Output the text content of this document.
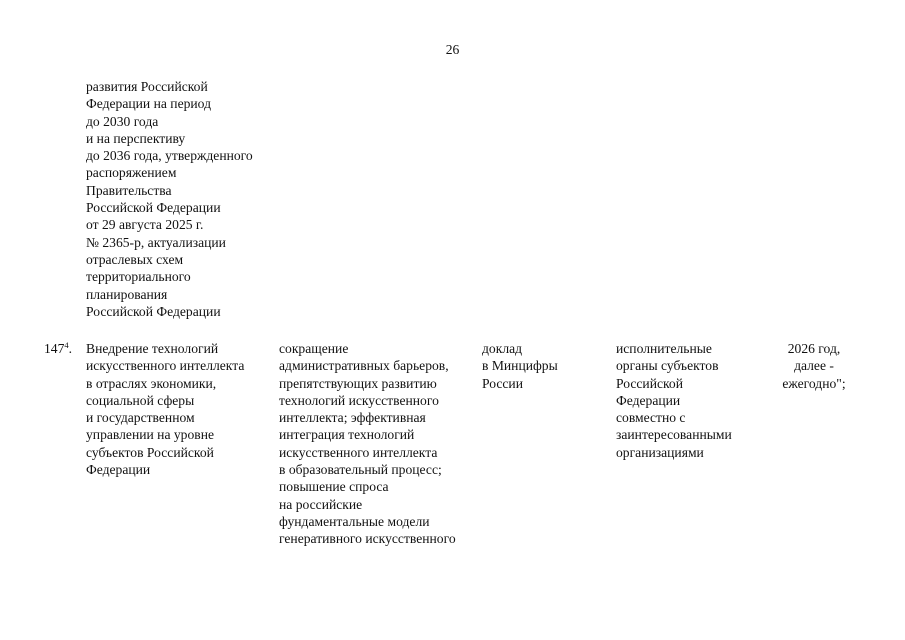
26
развития Российской
Федерации на период
до 2030 года
и на перспективу
до 2036 года, утвержденного
распоряжением
Правительства
Российской Федерации
от 29 августа 2025 г.
№ 2365-р, актуализации
отраслевых схем
территориального
планирования
Российской Федерации
$147^4$. Внедрение технологий
искусственного интеллекта
в отраслях экономики,
социальной сферы
и государственном
управлении на уровне
субъектов Российской
Федерации
сокращение
административных барьеров,
препятствующих развитию
технологий искусственного
интеллекта; эффективная
интеграция технологий
искусственного интеллекта
в образовательный процесс;
повышение спроса
на российские
фундаментальные модели
генеративного искусственного
доклад
в Минцифры
России
исполнительные
органы субъектов
Российской
Федерации
совместно с
заинтересованными
организациями
2026 год,
далее -
ежегодно";
